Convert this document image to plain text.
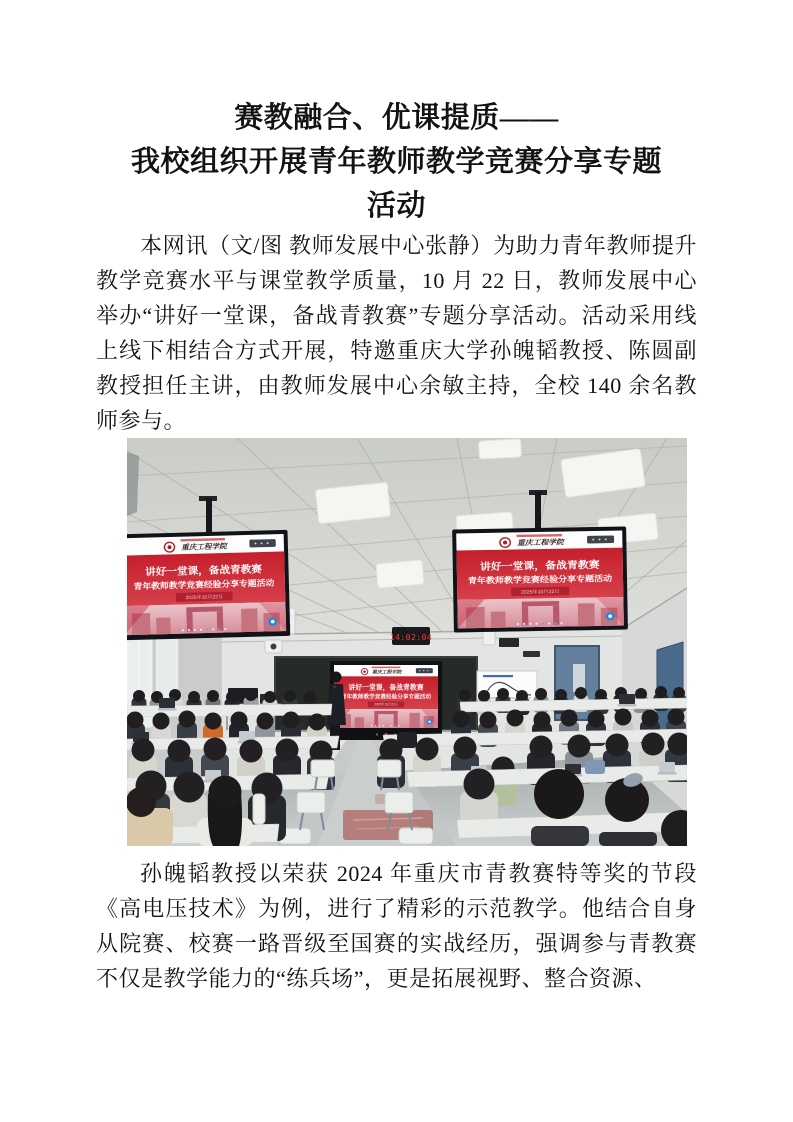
赛教融合、优课提质——
我校组织开展青年教师教学竞赛分享专题
活动

本网讯（文/图 教师发展中心张静）为助力青年教师提升教学竞赛水平与课堂教学质量，10 月 22 日，教师发展中心举办“讲好一堂课，备战青教赛”专题分享活动。活动采用线上线下相结合方式开展，特邀重庆大学孙魄韬教授、陈圆副教授担任主讲，由教师发展中心余敏主持，全校 140 余名教师参与。

14:02:04

孙魄韬教授以荣获 2024 年重庆市青教赛特等奖的节段《高电压技术》为例，进行了精彩的示范教学。他结合自身从院赛、校赛一路晋级至国赛的实战经历，强调参与青教赛不仅是教学能力的“练兵场”，更是拓展视野、整合资源、
